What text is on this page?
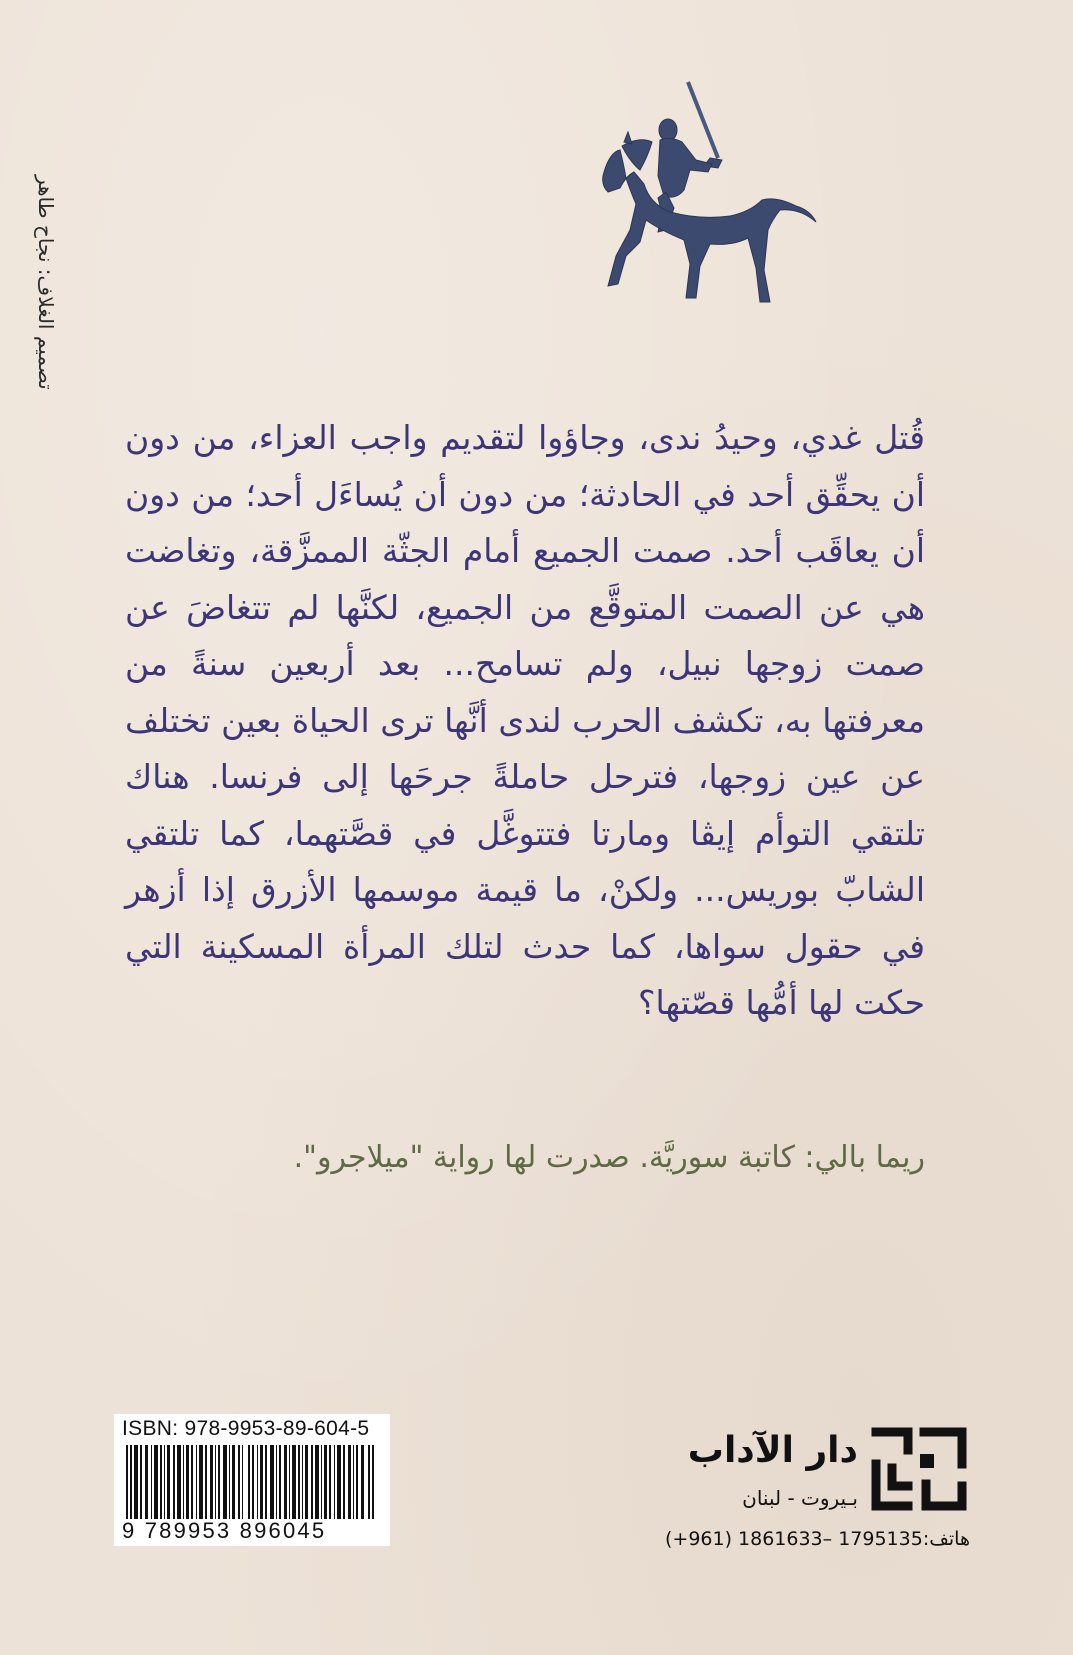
تصميم الغلاف: نجاح طاهر

قُتل غدي، وحيدُ ندى، وجاؤوا لتقديم واجب العزاء، من دون أن يحقِّق أحد في الحادثة؛ من دون أن يُساءَل أحد؛ من دون أن يعاقَب أحد. صمت الجميع أمام الجثّة الممزَّقة، وتغاضت هي عن الصمت المتوقَّع من الجميع، لكنَّها لم تتغاضَ عن صمت زوجها نبيل، ولم تسامح... بعد أربعين سنةً من معرفتها به، تكشف الحرب لندى أنَّها ترى الحياة بعين تختلف عن عين زوجها، فترحل حاملةً جرحَها إلى فرنسا. هناك تلتقي التوأم إيڤا ومارتا فتتوغَّل في قصَّتهما، كما تلتقي الشابّ بوريس... ولكنْ، ما قيمة موسمها الأزرق إذا أزهر في حقول سواها، كما حدث لتلك المرأة المسكينة التي حكت لها أمُّها قصّتها؟

ريما بالي: كاتبة سوريَّة. صدرت لها رواية "ميلاجرو".

ISBN: 978-9953-89-604-5
9 789953 896045
دار الآداب
بـيروت - لبنان
هاتف:1795135 –1861633 (961+)
